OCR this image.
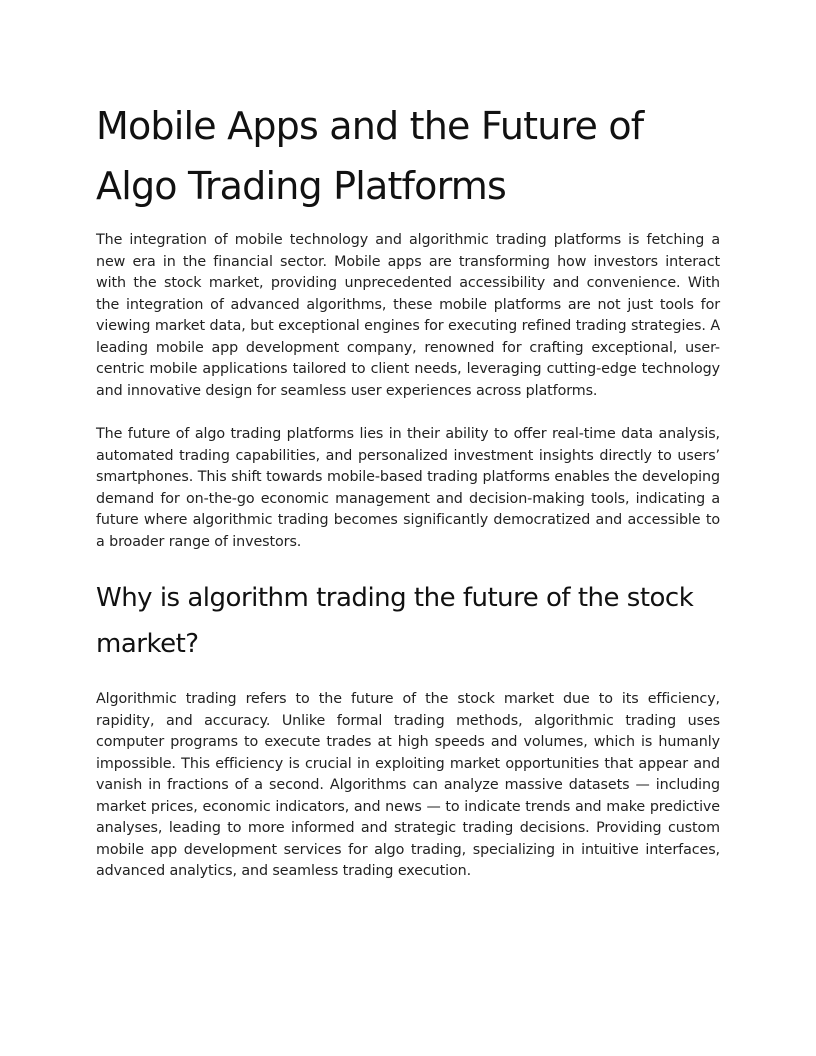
Mobile Apps and the Future of Algo Trading Platforms

The integration of mobile technology and algorithmic trading platforms is fetching a new era in the financial sector. Mobile apps are transforming how investors interact with the stock market, providing unprecedented accessibility and convenience. With the integration of advanced algorithms, these mobile platforms are not just tools for viewing market data, but exceptional engines for executing refined trading strategies. A leading mobile app development company, renowned for crafting exceptional, user-centric mobile applications tailored to client needs, leveraging cutting-edge technology and innovative design for seamless user experiences across platforms.

The future of algo trading platforms lies in their ability to offer real-time data analysis, automated trading capabilities, and personalized investment insights directly to users’ smartphones. This shift towards mobile-based trading platforms enables the developing demand for on-the-go economic management and decision-making tools, indicating a future where algorithmic trading becomes significantly democratized and accessible to a broader range of investors.

Why is algorithm trading the future of the stock market?

Algorithmic trading refers to the future of the stock market due to its efficiency, rapidity, and accuracy. Unlike formal trading methods, algorithmic trading uses computer programs to execute trades at high speeds and volumes, which is humanly impossible. This efficiency is crucial in exploiting market opportunities that appear and vanish in fractions of a second. Algorithms can analyze massive datasets — including market prices, economic indicators, and news — to indicate trends and make predictive analyses, leading to more informed and strategic trading decisions. Providing custom mobile app development services for algo trading, specializing in intuitive interfaces, advanced analytics, and seamless trading execution.
